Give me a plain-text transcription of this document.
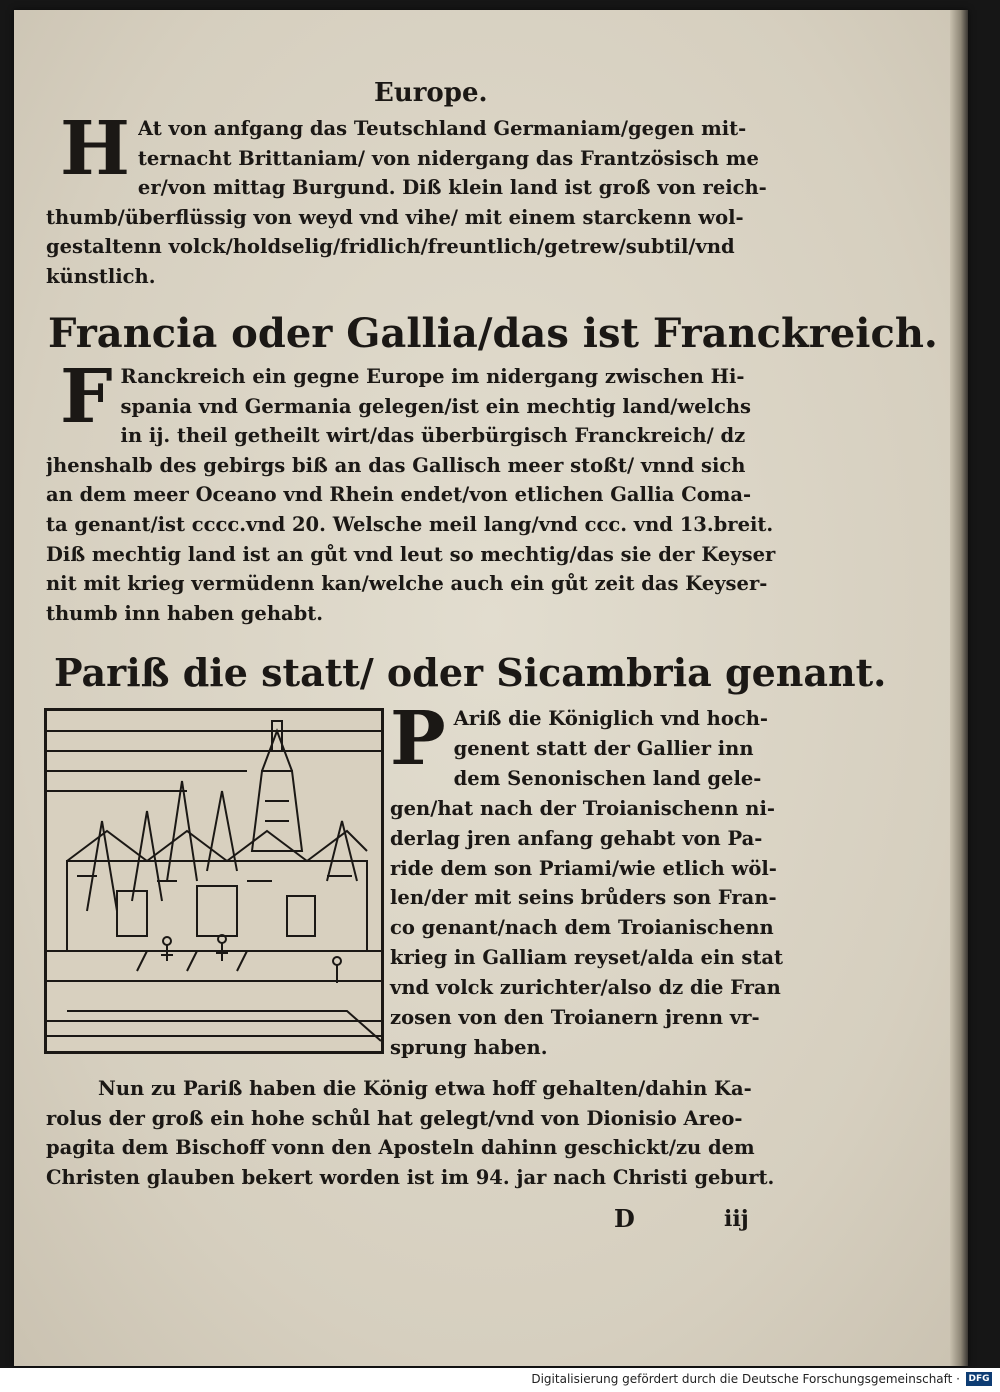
Europe.
H At von anfgang das Teutschland Germaniam/gegen mit-
ternacht Brittaniam/ von nidergang das Frantzösisch me
er/von mittag Burgund. Diß klein land ist groß von reich-
thumb/überflüssig von weyd vnd vihe/ mit einem starckenn wol-
gestaltenn volck/holdselig/fridlich/freuntlich/getrew/subtil/vnd
künstlich.
Francia oder Gallia/das ist Franckreich.
F Ranckreich ein gegne Europe im nidergang zwischen Hi-
spania vnd Germania gelegen/ist ein mechtig land/welchs
in ij. theil getheilt wirt/das überbürgisch Franckreich/ dz
jhenshalb des gebirgs biß an das Gallisch meer stoßt/ vnnd sich
an dem meer Oceano vnd Rhein endet/von etlichen Gallia Coma-
ta genant/ist cccc.vnd 20. Welsche meil lang/vnd ccc. vnd 13.breit.
Diß mechtig land ist an gůt vnd leut so mechtig/das sie der Keyser
nit mit krieg vermüdenn kan/welche auch ein gůt zeit das Keyser-
thumb inn haben gehabt.
Pariß die statt/ oder Sicambria genant.
P Ariß die Königlich vnd hoch-
genent statt der Gallier inn
dem Senonischen land gele-
gen/hat nach der Troianischenn ni-
derlag jren anfang gehabt von Pa-
ride dem son Priami/wie etlich wöl-
len/der mit seins brůders son Fran-
co genant/nach dem Troianischenn
krieg in Galliam reyset/alda ein stat
vnd volck zurichter/also dz die Fran
zosen von den Troianern jrenn vr-
sprung haben.
Nun zu Pariß haben die König etwa hoff gehalten/dahin Ka-
rolus der groß ein hohe schůl hat gelegt/vnd von Dionisio Areo-
pagita dem Bischoff vonn den Aposteln dahinn geschickt/zu dem
Christen glauben bekert worden ist im 94. jar nach Christi geburt.
D	iij
Digitalisierung gefördert durch die Deutsche Forschungsgemeinschaft · DFG
